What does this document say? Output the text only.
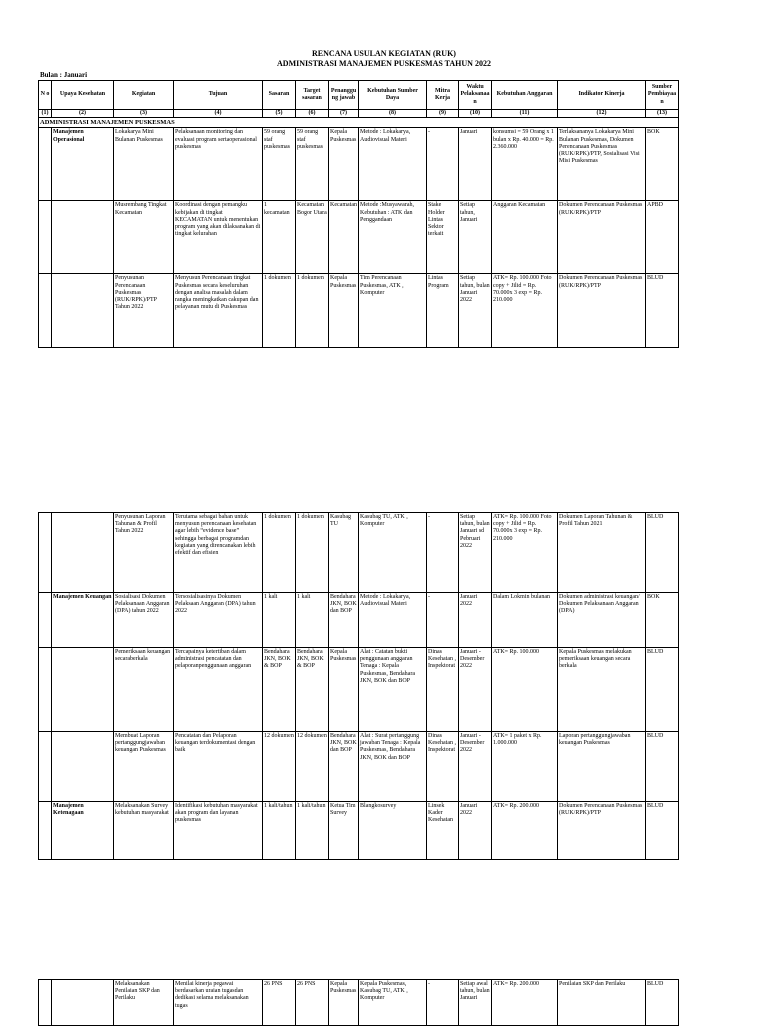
RENCANA USULAN KEGIATAN (RUK)
ADMINISTRASI MANAJEMEN PUSKESMAS TAHUN 2022
Bulan : Januari
N o	Upaya Kesehatan	Kegiatan	Tujuan	Sasaran	Target sasaran	Penanggung jawab	Kebutuhan Sumber Daya	Mitra Kerja	Waktu Pelaksanaan	Kebutuhan Anggaran	Indikator Kinerja	Sumber Pembiayaan
(1)	(2)	(3)	(4)	(5)	(6)	(7)	(8)	(9)	(10)	(11)	(12)	(13)
ADMINISTRASI MANAJEMEN PUSKESMAS												
	Manajemen Operasional	Lokakarya Mini Bulanan Puskesmas	Pelaksanaan monitoring dan evaluasi program sertaoperasional puskesmas	59 orang staf puskesmas	59 orang staf puskesmas	Kepala Puskesmas	Metode : Lokakarya, Audiovisual Materi	-	Januari	konsumsi = 59 Orang x 1 bulan x Rp. 40.000 = Rp. 2.360.000	Terlaksananya Lokakarya Mini Bulanan Puskesmas, Dokumen Perencanaan Puskesmas (RUK/RPK)/PTP, Sosialisasi Visi Misi Puskesmas	BOK
		Musrembang Tingkat Kecamatan	Koordinasi dengan pemangku kebijakan di tingkat KECAMATAN untuk menentukan program yang akan dilaksanakan di tingkat kelurahan	1 kecamatan	Kecamatan Bogor Utara	Kecamatan	Metode :Musyawarah, Kebutuhan : ATK dan Penggandaan	Stake Holder Lintas Sektor terkait	Setiap tahun, Januari	Anggaran Kecamatan	Dokumen Perencanaan Puskesmas (RUK/RPK)/PTP	APBD
		Penyusunan Perencanaan Puskesmas (RUK/RPK)/PTP Tahun 2022	Menyusun Perencanaan tingkat Puskesmas secara keseluruhan dengan analisa masalah dalam rangka meningkatkan cakupan dan pelayanan mutu di Puskesmas	1 dokumen	1 dokumen	Kepala Puskesmas	Tim Perencanaan Puskesmas, ATK , Komputer	Lintas Program	Setiap tahun, bulan Januari 2022	ATK= Rp. 100.000 Foto copy + Jilid = Rp. 70.000x 3 exp = Rp. 210.000	Dokumen Perencanaan Puskesmas (RUK/RPK)/PTP	BLUD
		Penyusunan Laporan Tahunan & Profil Tahun 2022	Terutama sebagai bahan untuk menyusun perencanaan kesehatan agar lebih “evidence base” sehingga berbagai programdan kegiatan yang direncanakan lebih efektif dan efisien	1 dokumen	1 dokumen	Kasubag TU	Kasubag TU, ATK , Komputer	-	Setiap tahun, bulan Januari sd Pebruari 2022	ATK= Rp. 100.000 Foto copy + Jilid = Rp. 70.000x 3 exp = Rp. 210.000	Dokumen Laporan Tahunan & Profil Tahun 2021	BLUD
	Manajemen Keuangan	Sosialisasi Dokumen Pelaksanaan Anggaran (DPA) tahun 2022	Tersosialisasinya Dokumen Pelaksaan Anggaran (DPA) tahun 2022	1 kali	1 kali	Bendahara JKN, BOK dan BOP	Metode : Lokakarya, Audiovisual Materi	-	Januari 2022	Dalam Lokmin bulanan	Dokumen administrasi keuangan/ Dokumen Pelaksanaan Anggaran (DPA)	BOK
		Pemeriksaan keuangan secaraberkala	Tercapainya ketertiban dalam administrasi pencatatan dan pelaporanpenggunaan anggaran	Bendahara JKN, BOK & BOP	Bendahara JKN, BOK & BOP	Kepala Puskesmas	Alat : Catatan bukti penggunaan anggaran Tenaga : Kepala Puskesmas, Bendahara JKN, BOK dan BOP	Dinas Kesehatan , Inspektorat	Januari - Desember 2022	ATK= Rp. 100.000	Kepala Puskesmas melakukan pemeriksaan keuangan secara berkala	BLUD
		Membuat Laporan pertanggungjawaban keuangan Puskesmas	Pencatatan dan Pelaporan keuangan terdokumentasi dengan baik	12 dokumen	12 dokumen	Bendahara JKN, BOK dan BOP	Alat : Surat pertanggung jawaban Tenaga : Kepala Puskesmas, Bendahara JKN, BOK dan BOP	Dinas Kesehatan , Inspektorat	Januari - Desember 2022	ATK= 1 paket x Rp. 1.000.000	Laporan pertanggungjawaban keuangan Puskesmas	BLUD
	Manajemen Ketenagaan	Melaksanakan Survey kebutuhan masyarakat	Identifikasi kebutuhan masyarakat akan program dan layanan puskesmas	1 kali/tahun	1 kali/tahun	Ketua Tim Survey	Blangkosurvey	Linsek Kader Kesehatan	Januari 2022	ATK= Rp. 200.000	Dokumen Perencanaan Puskesmas (RUK/RPK)/PTP	BLUD
		Melaksanakan Penilaian SKP dan Perilaku	Menilai kinerja pegawai berdasarkan uraian tugasdan dedikasi selama melaksanakan tugas	26 PNS	26 PNS	Kepala Puskesmas	Kepala Puskesmas, Kasubag TU, ATK , Komputer	-	Setiap awal tahun, bulan Januari	ATK= Rp. 200.000	Penilaian SKP dan Perilaku	BLUD
